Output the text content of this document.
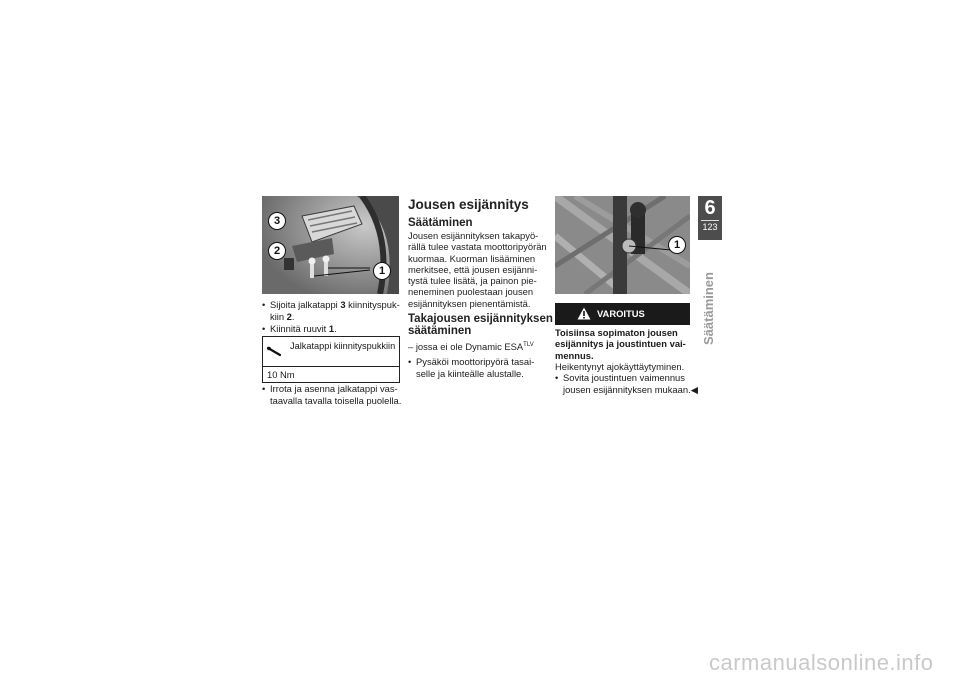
3
2
1
• Sijoita jalkatappi 3 kiinnityspuk-
kiin 2.
• Kiinnitä ruuvit 1.
Jalkatappi kiinnityspukkiin
10 Nm
• Irrota ja asenna jalkatappi vas-
taavalla tavalla toisella puolella.
Jousen esijännitys
Säätäminen
Jousen esijännityksen takapyö-
rällä tulee vastata moottoripyörän
kuormaa. Kuorman lisääminen
merkitsee, että jousen esijänni-
tystä tulee lisätä, ja painon pie-
neneminen puolestaan jousen
esijännityksen pienentämistä.
Takajousen esijännityksen
säätäminen
– jossa ei ole Dynamic $ESA^{TLV}$
• Pysäköi moottoripyörä tasai-
selle ja kiinteälle alustalle.
1
VAROITUS
Toisiinsa sopimaton jousen
esijännitys ja joustintuen vai-
mennus.
Heikentynyt ajokäyttäytyminen.
• Sovita joustintuen vaimennus
jousen esijännityksen mukaan.◀
6
123
Säätäminen
carmanualsonline.info
